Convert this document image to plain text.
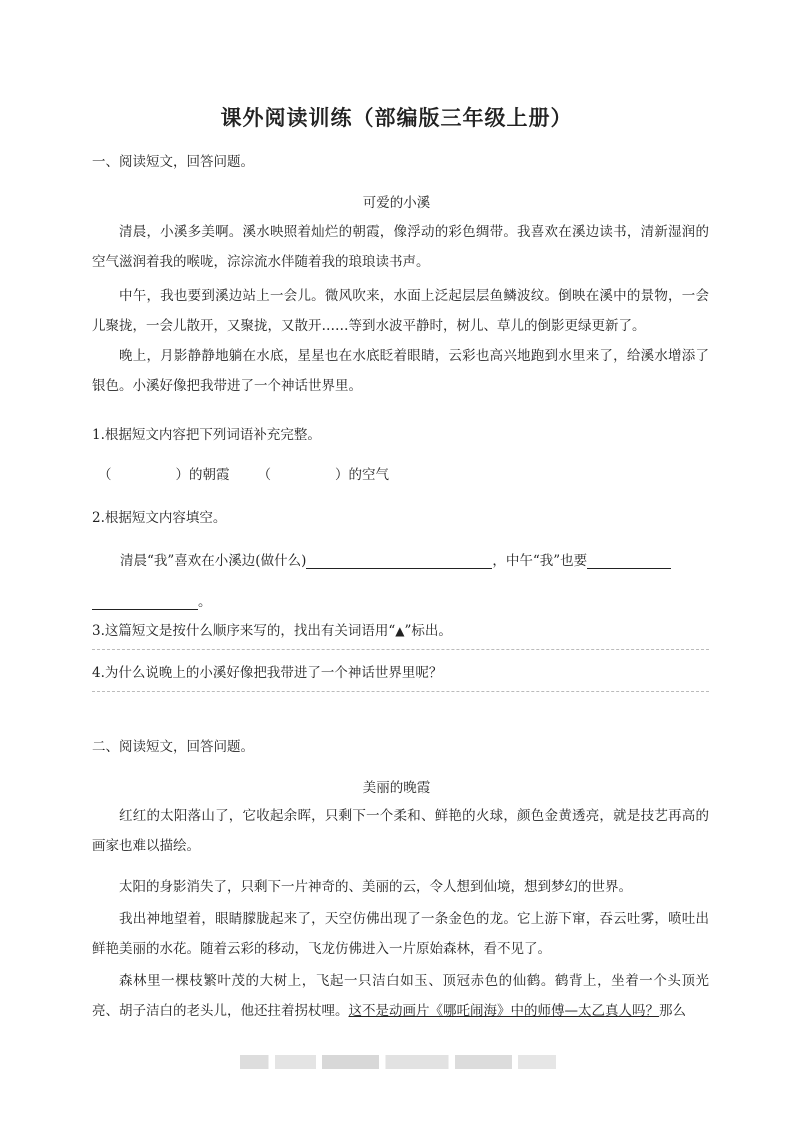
课外阅读训练（部编版三年级上册）
一、阅读短文，回答问题。
可爱的小溪
清晨，小溪多美啊。溪水映照着灿烂的朝霞，像浮动的彩色绸带。我喜欢在溪边读书，清新湿润的空气滋润着我的喉咙，淙淙流水伴随着我的琅琅读书声。
中午，我也要到溪边站上一会儿。微风吹来，水面上泛起层层鱼鳞波纹。倒映在溪中的景物，一会儿聚拢，一会儿散开，又聚拢，又散开……等到水波平静时，树儿、草儿的倒影更绿更新了。
晚上，月影静静地躺在水底，星星也在水底眨着眼睛，云彩也高兴地跑到水里来了，给溪水增添了银色。小溪好像把我带进了一个神话世界里。
1.根据短文内容把下列词语补充完整。
（	）的朝霞 （	）的空气
2.根据短文内容填空。
清晨“我”喜欢在小溪边(做什么)	，中午“我”也要
。
3.这篇短文是按什么顺序来写的，找出有关词语用“▲”标出。
4.为什么说晚上的小溪好像把我带进了一个神话世界里呢？
二、阅读短文，回答问题。
美丽的晚霞
红红的太阳落山了，它收起余晖，只剩下一个柔和、鲜艳的火球，颜色金黄透亮，就是技艺再高的画家也难以描绘。
太阳的身影消失了，只剩下一片神奇的、美丽的云，令人想到仙境，想到梦幻的世界。
我出神地望着，眼睛朦胧起来了，天空仿佛出现了一条金色的龙。它上游下窜，吞云吐雾，喷吐出鲜艳美丽的水花。随着云彩的移动，飞龙仿佛进入一片原始森林，看不见了。
森林里一棵枝繁叶茂的大树上，飞起一只洁白如玉、顶冠赤色的仙鹤。鹤背上，坐着一个头顶光亮、胡子洁白的老头儿，他还拄着拐杖哩。这不是动画片《哪吒闹海》中的师傅—太乙真人吗？那么
